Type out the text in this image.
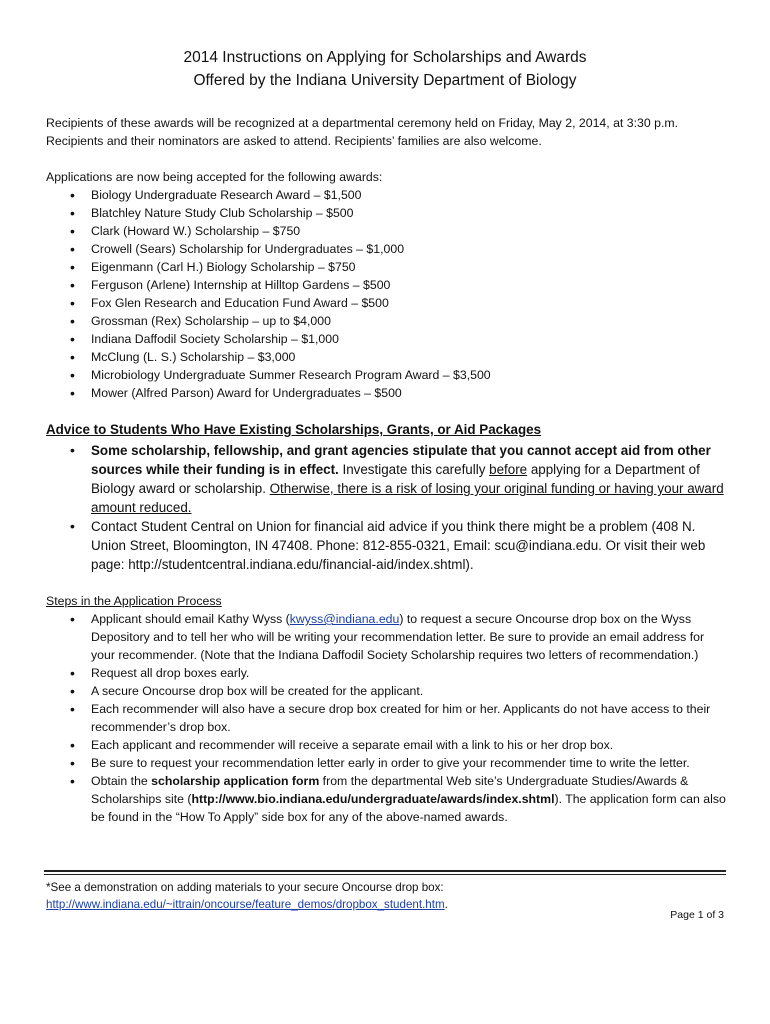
2014 Instructions on Applying for Scholarships and Awards
Offered by the Indiana University Department of Biology
Recipients of these awards will be recognized at a departmental ceremony held on Friday, May 2, 2014, at 3:30 p.m.
Recipients and their nominators are asked to attend. Recipients’ families are also welcome.
Applications are now being accepted for the following awards:
• Biology Undergraduate Research Award – $1,500
• Blatchley Nature Study Club Scholarship – $500
• Clark (Howard W.) Scholarship – $750
• Crowell (Sears) Scholarship for Undergraduates – $1,000
• Eigenmann (Carl H.) Biology Scholarship – $750
• Ferguson (Arlene) Internship at Hilltop Gardens – $500
• Fox Glen Research and Education Fund Award – $500
• Grossman (Rex) Scholarship – up to $4,000
• Indiana Daffodil Society Scholarship – $1,000
• McClung (L. S.) Scholarship – $3,000
• Microbiology Undergraduate Summer Research Program Award – $3,500
• Mower (Alfred Parson) Award for Undergraduates – $500
Advice to Students Who Have Existing Scholarships, Grants, or Aid Packages
• Some scholarship, fellowship, and grant agencies stipulate that you cannot accept aid from other sources while their funding is in effect. Investigate this carefully before applying for a Department of Biology award or scholarship. Otherwise, there is a risk of losing your original funding or having your award amount reduced.
• Contact Student Central on Union for financial aid advice if you think there might be a problem (408 N. Union Street, Bloomington, IN 47408. Phone: 812-855-0321, Email: scu@indiana.edu. Or visit their web page: http://studentcentral.indiana.edu/financial-aid/index.shtml).
Steps in the Application Process
• Applicant should email Kathy Wyss (kwyss@indiana.edu) to request a secure Oncourse drop box on the Wyss Depository and to tell her who will be writing your recommendation letter. Be sure to provide an email address for your recommender. (Note that the Indiana Daffodil Society Scholarship requires two letters of recommendation.)
• Request all drop boxes early.
• A secure Oncourse drop box will be created for the applicant.
• Each recommender will also have a secure drop box created for him or her. Applicants do not have access to their recommender’s drop box.
• Each applicant and recommender will receive a separate email with a link to his or her drop box.
• Be sure to request your recommendation letter early in order to give your recommender time to write the letter.
• Obtain the scholarship application form from the departmental Web site’s Undergraduate Studies/Awards & Scholarships site (http://www.bio.indiana.edu/undergraduate/awards/index.shtml). The application form can also be found in the “How To Apply” side box for any of the above-named awards.
*See a demonstration on adding materials to your secure Oncourse drop box:
http://www.indiana.edu/~ittrain/oncourse/feature_demos/dropbox_student.htm.
Page 1 of 3
